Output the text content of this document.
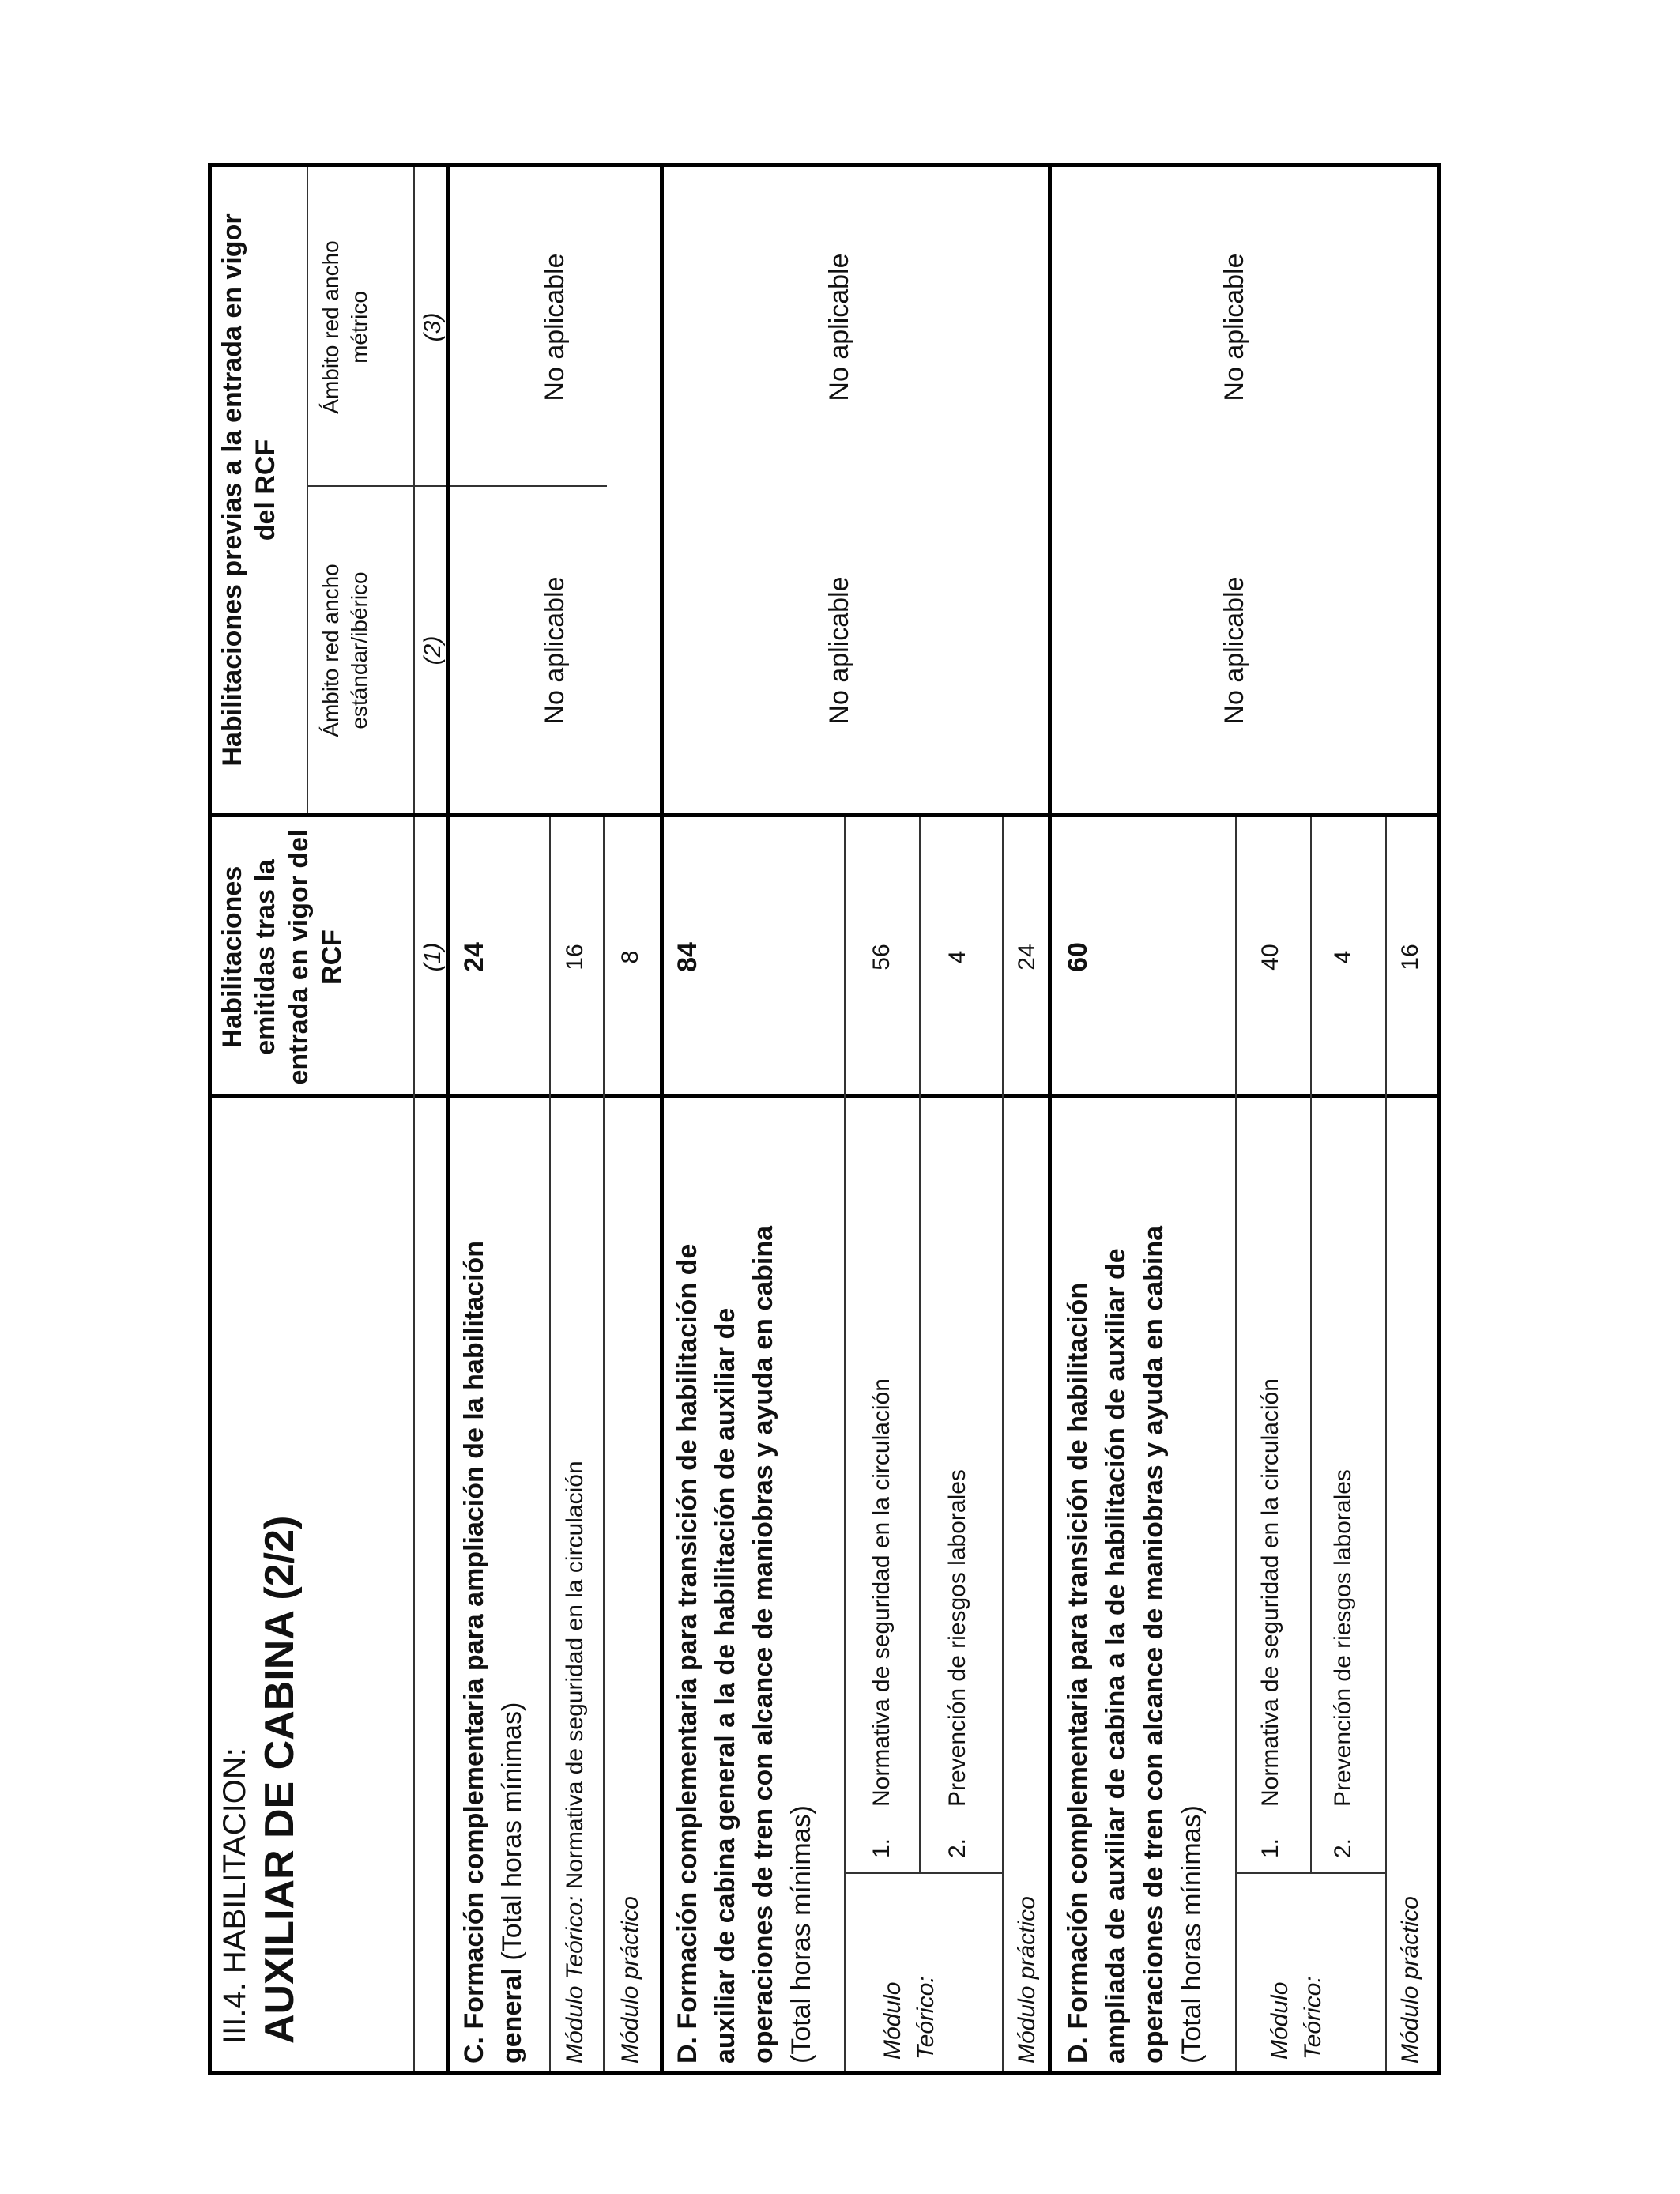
III.4. HABILITACION: AUXILIAR DE CABINA (2/2)
Habilitaciones emitidas tras la entrada en vigor del RCF
Habilitaciones previas a la entrada en vigor del RCF
Ámbito red ancho estándar/ibérico
Ámbito red ancho métrico
(1)
(2)
(3)
C. Formación complementaria para ampliación de la habilitación general (Total horas mínimas)
24
No aplicable
No aplicable
Módulo Teórico: Normativa de seguridad en la circulación
16
Módulo práctico
8
D. Formación complementaria para transición de habilitación de auxiliar de cabina general a la de habilitación de auxiliar de operaciones de tren con alcance de maniobras y ayuda en cabina (Total horas mínimas)
84
No aplicable
No aplicable
Módulo Teórico:
1.
Normativa de seguridad en la circulación
56
2.
Prevención de riesgos laborales
4
Módulo práctico
24
D. Formación complementaria para transición de habilitación ampliada de auxiliar de cabina a la de habilitación de auxiliar de operaciones de tren con alcance de maniobras y ayuda en cabina (Total horas mínimas)
60
No aplicable
No aplicable
Módulo Teórico:
1.
Normativa de seguridad en la circulación
40
2.
Prevención de riesgos laborales
4
Módulo práctico
16
